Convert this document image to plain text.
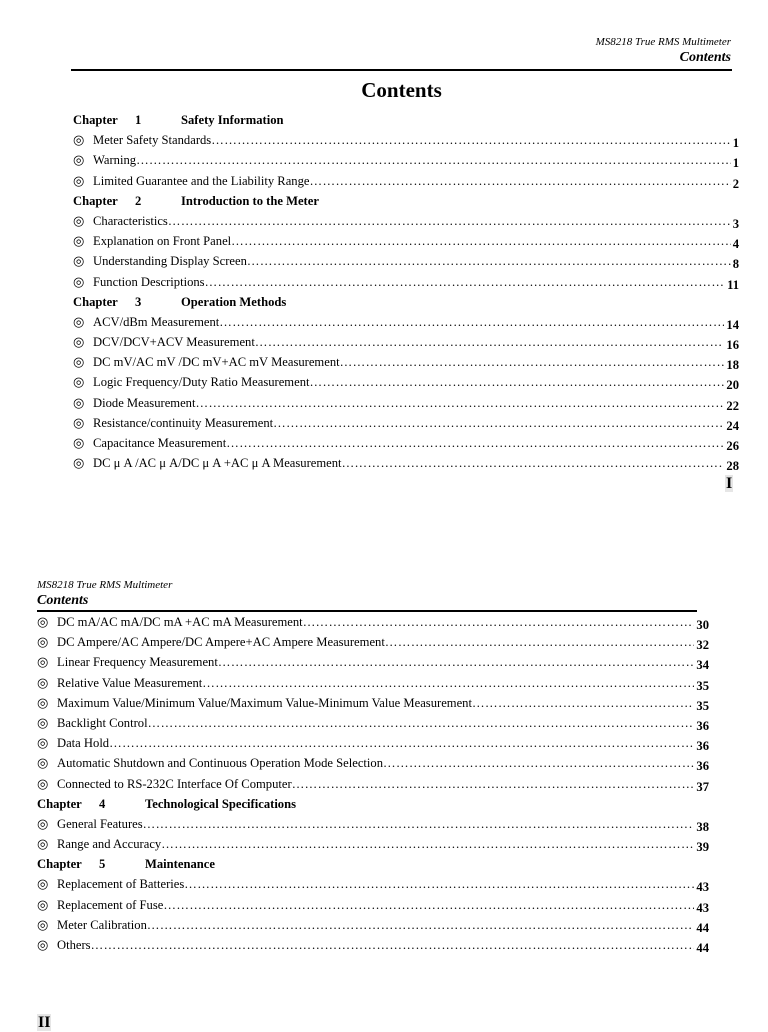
MS8218 True RMS Multimeter
Contents
Contents
Chapter	1	Safety Information
◎ Meter Safety Standards ……………………………………………………………………………………………………………………………………………………………………………………………………………………	1
◎ Warning ……………………………………………………………………………………………………………………………………………………………………………………………………………………	1
◎ Limited Guarantee and the Liability Range ……………………………………………………………………………………………………………………………………………………………………………………………………………………	2
Chapter	2	Introduction to the Meter
◎ Characteristics ……………………………………………………………………………………………………………………………………………………………………………………………………………………	3
◎ Explanation on Front Panel ……………………………………………………………………………………………………………………………………………………………………………………………………………………	4
◎ Understanding Display Screen ……………………………………………………………………………………………………………………………………………………………………………………………………………………	8
◎ Function Descriptions ……………………………………………………………………………………………………………………………………………………………………………………………………………………	11
Chapter	3	Operation Methods
◎ ACV/dBm Measurement ……………………………………………………………………………………………………………………………………………………………………………………………………………………	14
◎ DCV/DCV+ACV Measurement ……………………………………………………………………………………………………………………………………………………………………………………………………………………	16
◎ DC mV/AC mV /DC mV+AC mV Measurement ……………………………………………………………………………………………………………………………………………………………………………………………………………………	18
◎ Logic Frequency/Duty Ratio Measurement ……………………………………………………………………………………………………………………………………………………………………………………………………………………	20
◎ Diode Measurement ……………………………………………………………………………………………………………………………………………………………………………………………………………………	22
◎ Resistance/continuity Measurement ……………………………………………………………………………………………………………………………………………………………………………………………………………………	24
◎ Capacitance Measurement ……………………………………………………………………………………………………………………………………………………………………………………………………………………	26
◎ DC μ A /AC μ A/DC μ A +AC μ A Measurement ……………………………………………………………………………………………………………………………………………………………………………………………………………………	28
I
MS8218 True RMS Multimeter
Contents
◎ DC mA/AC mA/DC mA +AC mA Measurement ……………………………………………………………………………………………………………………………………………………………………………………………………………………	30
◎ DC Ampere/AC Ampere/DC Ampere+AC Ampere Measurement ……………………………………………………………………………………………………………………………………………………………………………………………………………………	32
◎ Linear Frequency Measurement ……………………………………………………………………………………………………………………………………………………………………………………………………………………	34
◎ Relative Value Measurement ……………………………………………………………………………………………………………………………………………………………………………………………………………………	35
◎ Maximum Value/Minimum Value/Maximum Value-Minimum Value Measurement ……………………………………………………………………………………………………………………………………………………………………………………………………………………	35
◎ Backlight Control ……………………………………………………………………………………………………………………………………………………………………………………………………………………	36
◎ Data Hold ……………………………………………………………………………………………………………………………………………………………………………………………………………………	36
◎ Automatic Shutdown and Continuous Operation Mode Selection ……………………………………………………………………………………………………………………………………………………………………………………………………………………	36
◎ Connected to RS-232C Interface Of Computer ……………………………………………………………………………………………………………………………………………………………………………………………………………………	37
Chapter	4	Technological Specifications
◎ General Features ……………………………………………………………………………………………………………………………………………………………………………………………………………………	38
◎ Range and Accuracy ……………………………………………………………………………………………………………………………………………………………………………………………………………………	39
Chapter	5	Maintenance
◎ Replacement of Batteries ……………………………………………………………………………………………………………………………………………………………………………………………………………………	43
◎ Replacement of Fuse ……………………………………………………………………………………………………………………………………………………………………………………………………………………	43
◎ Meter Calibration ……………………………………………………………………………………………………………………………………………………………………………………………………………………	44
◎ Others ……………………………………………………………………………………………………………………………………………………………………………………………………………………	44
II
